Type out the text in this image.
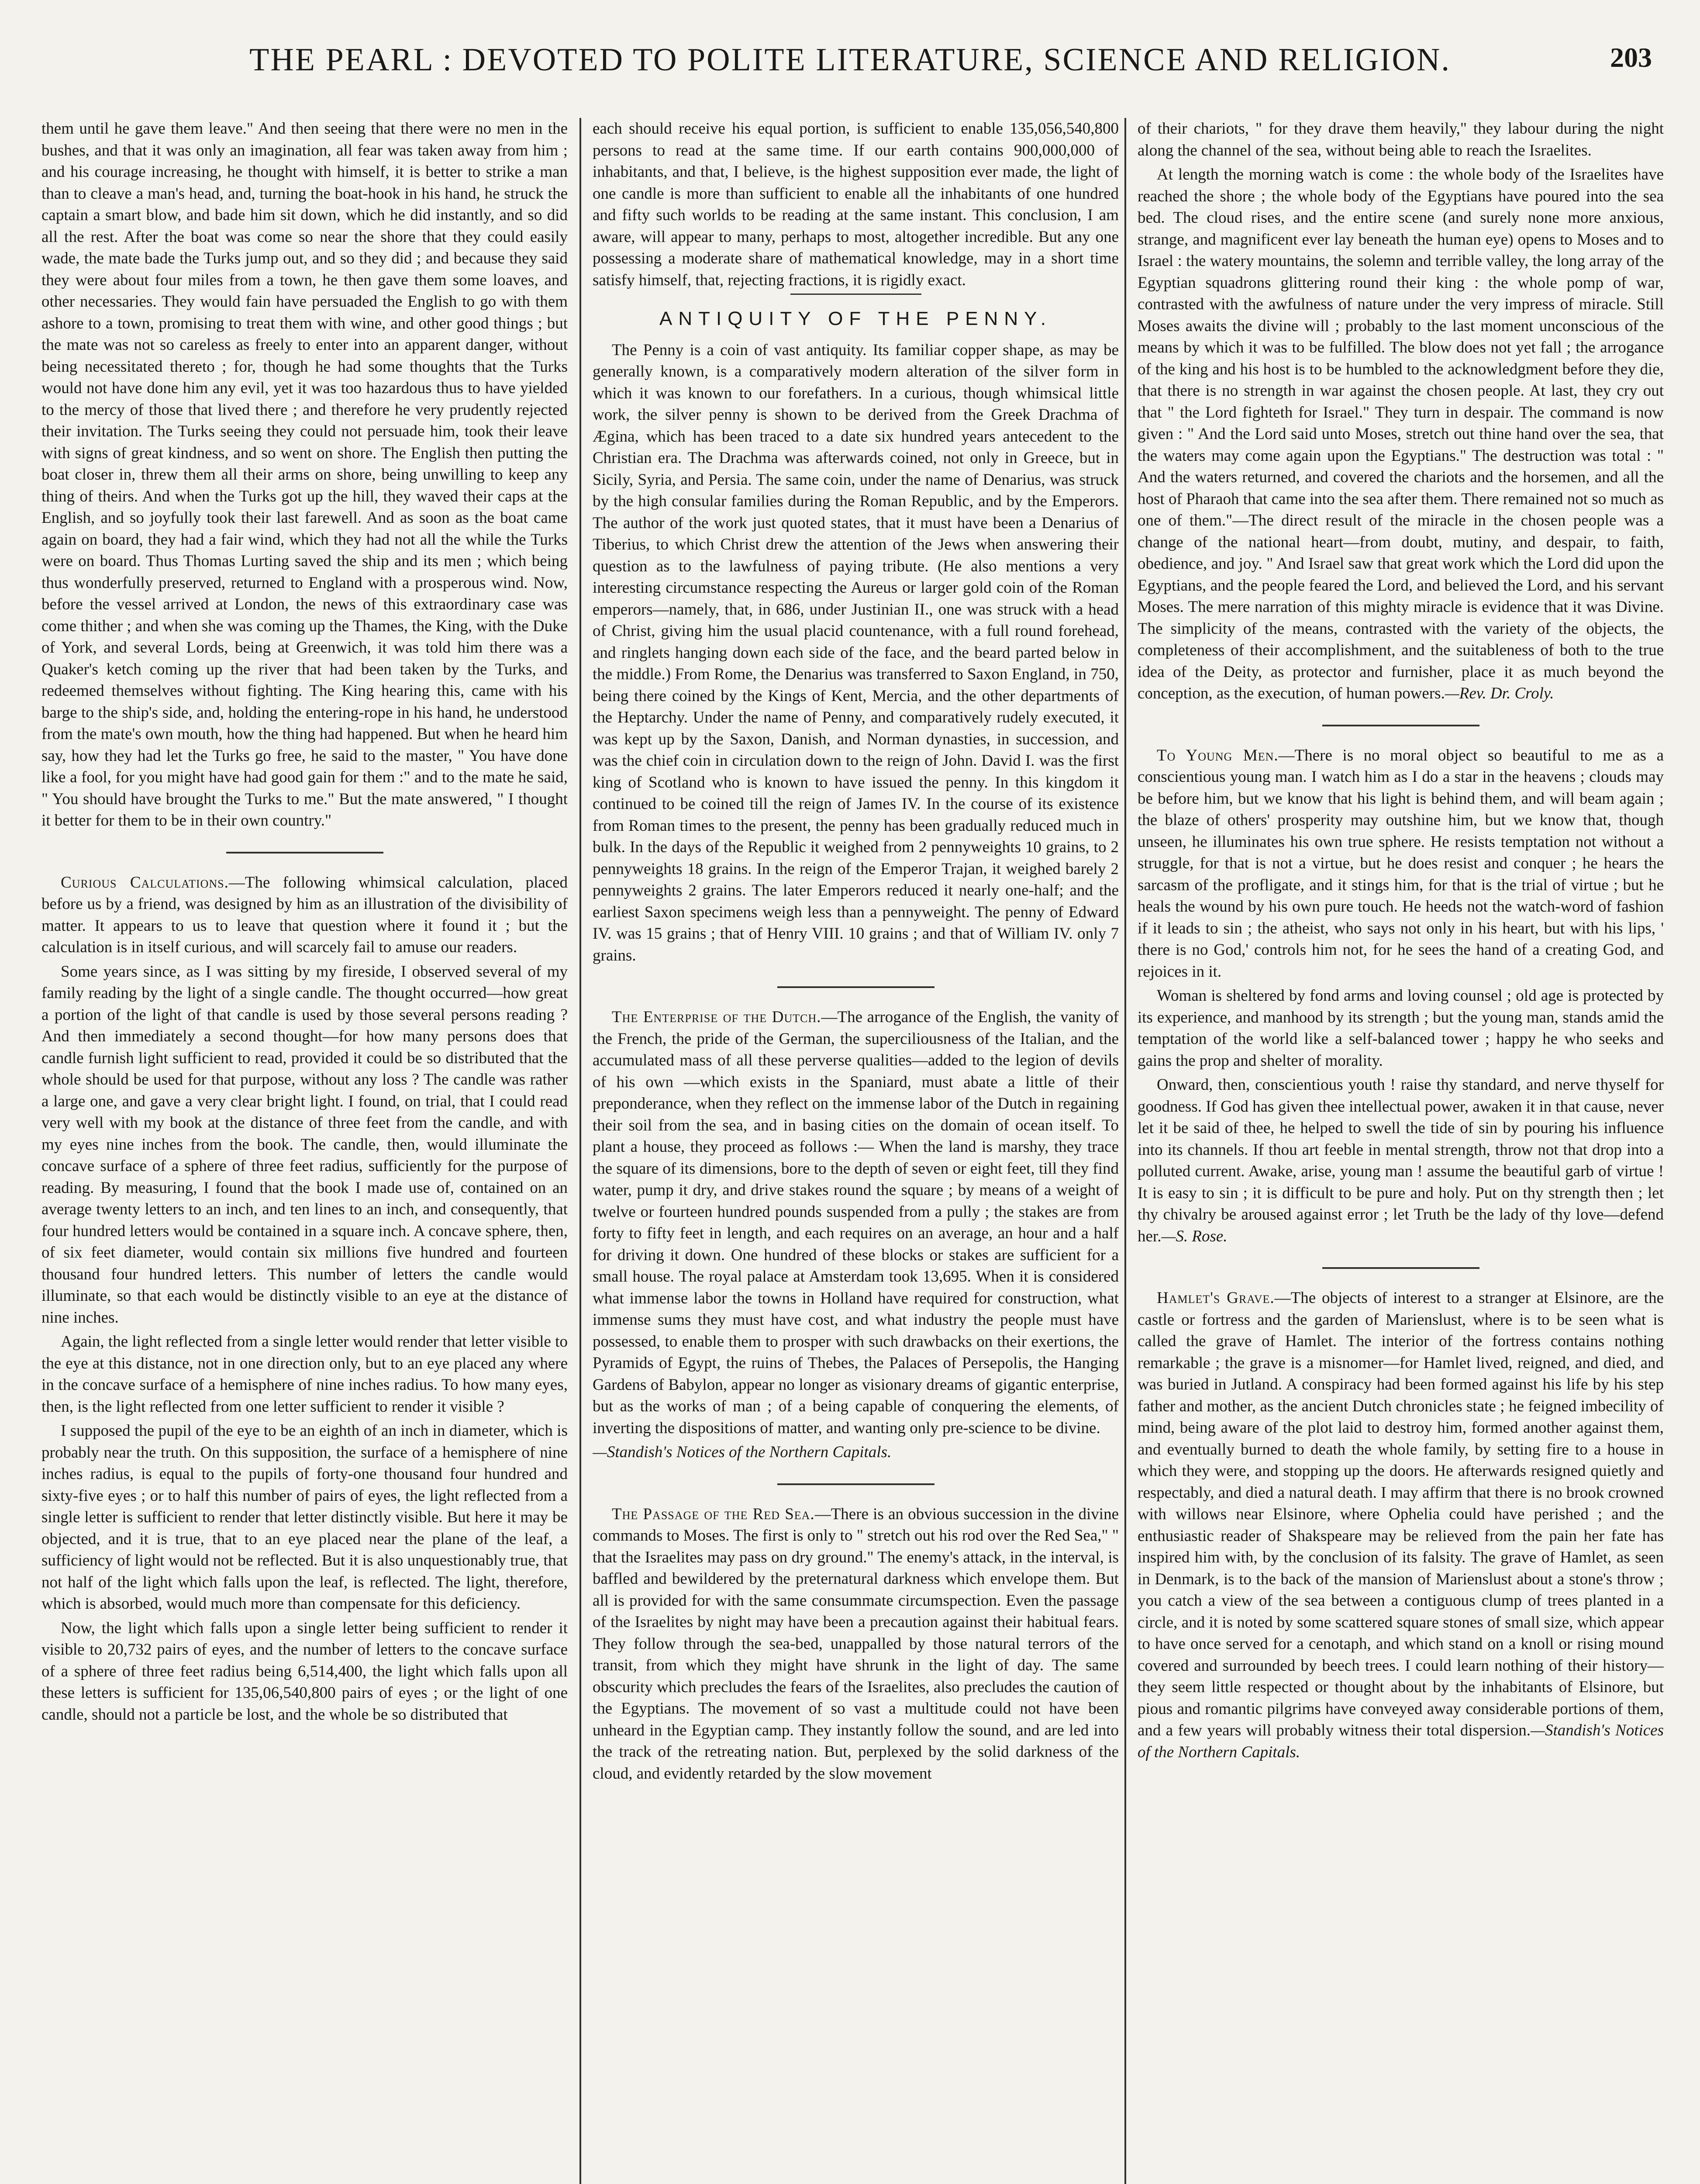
THE PEARL : DEVOTED TO POLITE LITERATURE, SCIENCE AND RELIGION.	203

them until he gave them leave." And then seeing that there were no men in the bushes, and that it was only an imagination, all fear was taken away from him ; and his courage increasing, he thought with himself, it is better to strike a man than to cleave a man's head, and, turning the boat-hook in his hand, he struck the captain a smart blow, and bade him sit down, which he did instantly, and so did all the rest. After the boat was come so near the shore that they could easily wade, the mate bade the Turks jump out, and so they did ; and because they said they were about four miles from a town, he then gave them some loaves, and other necessaries. They would fain have persuaded the English to go with them ashore to a town, promising to treat them with wine, and other good things ; but the mate was not so careless as freely to enter into an apparent danger, without being necessitated thereto ; for, though he had some thoughts that the Turks would not have done him any evil, yet it was too hazardous thus to have yielded to the mercy of those that lived there ; and therefore he very prudently rejected their invitation. The Turks seeing they could not persuade him, took their leave with signs of great kindness, and so went on shore. The English then putting the boat closer in, threw them all their arms on shore, being unwilling to keep any thing of theirs. And when the Turks got up the hill, they waved their caps at the English, and so joyfully took their last farewell. And as soon as the boat came again on board, they had a fair wind, which they had not all the while the Turks were on board. Thus Thomas Lurting saved the ship and its men ; which being thus wonderfully preserved, returned to England with a prosperous wind. Now, before the vessel arrived at London, the news of this extraordinary case was come thither ; and when she was coming up the Thames, the King, with the Duke of York, and several Lords, being at Greenwich, it was told him there was a Quaker's ketch coming up the river that had been taken by the Turks, and redeemed themselves without fighting. The King hearing this, came with his barge to the ship's side, and, holding the entering-rope in his hand, he understood from the mate's own mouth, how the thing had happened. But when he heard him say, how they had let the Turks go free, he said to the master, " You have done like a fool, for you might have had good gain for them :" and to the mate he said, " You should have brought the Turks to me." But the mate answered, " I thought it better for them to be in their own country."

Curious Calculations.—The following whimsical calculation, placed before us by a friend, was designed by him as an illustration of the divisibility of matter. It appears to us to leave that question where it found it ; but the calculation is in itself curious, and will scarcely fail to amuse our readers.

Some years since, as I was sitting by my fireside, I observed several of my family reading by the light of a single candle. The thought occurred—how great a portion of the light of that candle is used by those several persons reading ? And then immediately a second thought—for how many persons does that candle furnish light sufficient to read, provided it could be so distributed that the whole should be used for that purpose, without any loss ? The candle was rather a large one, and gave a very clear bright light. I found, on trial, that I could read very well with my book at the distance of three feet from the candle, and with my eyes nine inches from the book. The candle, then, would illuminate the concave surface of a sphere of three feet radius, sufficiently for the purpose of reading. By measuring, I found that the book I made use of, contained on an average twenty letters to an inch, and ten lines to an inch, and consequently, that four hundred letters would be contained in a square inch. A concave sphere, then, of six feet diameter, would contain six millions five hundred and fourteen thousand four hundred letters. This number of letters the candle would illuminate, so that each would be distinctly visible to an eye at the distance of nine inches.

Again, the light reflected from a single letter would render that letter visible to the eye at this distance, not in one direction only, but to an eye placed any where in the concave surface of a hemisphere of nine inches radius. To how many eyes, then, is the light reflected from one letter sufficient to render it visible ?

I supposed the pupil of the eye to be an eighth of an inch in diameter, which is probably near the truth. On this supposition, the surface of a hemisphere of nine inches radius, is equal to the pupils of forty-one thousand four hundred and sixty-five eyes ; or to half this number of pairs of eyes, the light reflected from a single letter is sufficient to render that letter distinctly visible. But here it may be objected, and it is true, that to an eye placed near the plane of the leaf, a sufficiency of light would not be reflected. But it is also unquestionably true, that not half of the light which falls upon the leaf, is reflected. The light, therefore, which is absorbed, would much more than compensate for this deficiency.

Now, the light which falls upon a single letter being sufficient to render it visible to 20,732 pairs of eyes, and the number of letters to the concave surface of a sphere of three feet radius being 6,514,400, the light which falls upon all these letters is sufficient for 135,06,540,800 pairs of eyes ; or the light of one candle, should not a particle be lost, and the whole be so distributed that

each should receive his equal portion, is sufficient to enable 135,056,540,800 persons to read at the same time. If our earth contains 900,000,000 of inhabitants, and that, I believe, is the highest supposition ever made, the light of one candle is more than sufficient to enable all the inhabitants of one hundred and fifty such worlds to be reading at the same instant. This conclusion, I am aware, will appear to many, perhaps to most, altogether incredible. But any one possessing a moderate share of mathematical knowledge, may in a short time satisfy himself, that, rejecting fractions, it is rigidly exact.

ANTIQUITY OF THE PENNY.

The Penny is a coin of vast antiquity. Its familiar copper shape, as may be generally known, is a comparatively modern alteration of the silver form in which it was known to our forefathers. In a curious, though whimsical little work, the silver penny is shown to be derived from the Greek Drachma of Ægina, which has been traced to a date six hundred years antecedent to the Christian era. The Drachma was afterwards coined, not only in Greece, but in Sicily, Syria, and Persia. The same coin, under the name of Denarius, was struck by the high consular families during the Roman Republic, and by the Emperors. The author of the work just quoted states, that it must have been a Denarius of Tiberius, to which Christ drew the attention of the Jews when answering their question as to the lawfulness of paying tribute. (He also mentions a very interesting circumstance respecting the Aureus or larger gold coin of the Roman emperors—namely, that, in 686, under Justinian II., one was struck with a head of Christ, giving him the usual placid countenance, with a full round forehead, and ringlets hanging down each side of the face, and the beard parted below in the middle.) From Rome, the Denarius was transferred to Saxon England, in 750, being there coined by the Kings of Kent, Mercia, and the other departments of the Heptarchy. Under the name of Penny, and comparatively rudely executed, it was kept up by the Saxon, Danish, and Norman dynasties, in succession, and was the chief coin in circulation down to the reign of John. David I. was the first king of Scotland who is known to have issued the penny. In this kingdom it continued to be coined till the reign of James IV. In the course of its existence from Roman times to the present, the penny has been gradually reduced much in bulk. In the days of the Republic it weighed from 2 pennyweights 10 grains, to 2 pennyweights 18 grains. In the reign of the Emperor Trajan, it weighed barely 2 pennyweights 2 grains. The later Emperors reduced it nearly one-half; and the earliest Saxon specimens weigh less than a pennyweight. The penny of Edward IV. was 15 grains ; that of Henry VIII. 10 grains ; and that of William IV. only 7 grains.

The Enterprise of the Dutch.—The arrogance of the English, the vanity of the French, the pride of the German, the superciliousness of the Italian, and the accumulated mass of all these perverse qualities—added to the legion of devils of his own —which exists in the Spaniard, must abate a little of their preponderance, when they reflect on the immense labor of the Dutch in regaining their soil from the sea, and in basing cities on the domain of ocean itself. To plant a house, they proceed as follows :— When the land is marshy, they trace the square of its dimensions, bore to the depth of seven or eight feet, till they find water, pump it dry, and drive stakes round the square ; by means of a weight of twelve or fourteen hundred pounds suspended from a pully ; the stakes are from forty to fifty feet in length, and each requires on an average, an hour and a half for driving it down. One hundred of these blocks or stakes are sufficient for a small house. The royal palace at Amsterdam took 13,695. When it is considered what immense labor the towns in Holland have required for construction, what immense sums they must have cost, and what industry the people must have possessed, to enable them to prosper with such drawbacks on their exertions, the Pyramids of Egypt, the ruins of Thebes, the Palaces of Persepolis, the Hanging Gardens of Babylon, appear no longer as visionary dreams of gigantic enterprise, but as the works of man ; of a being capable of conquering the elements, of inverting the dispositions of matter, and wanting only pre-science to be divine.

—Standish's Notices of the Northern Capitals.

The Passage of the Red Sea.—There is an obvious succession in the divine commands to Moses. The first is only to " stretch out his rod over the Red Sea," " that the Israelites may pass on dry ground." The enemy's attack, in the interval, is baffled and bewildered by the preternatural darkness which envelope them. But all is provided for with the same consummate circumspection. Even the passage of the Israelites by night may have been a precaution against their habitual fears. They follow through the sea-bed, unappalled by those natural terrors of the transit, from which they might have shrunk in the light of day. The same obscurity which precludes the fears of the Israelites, also precludes the caution of the Egyptians. The movement of so vast a multitude could not have been unheard in the Egyptian camp. They instantly follow the sound, and are led into the track of the retreating nation. But, perplexed by the solid darkness of the cloud, and evidently retarded by the slow movement

of their chariots, " for they drave them heavily," they labour during the night along the channel of the sea, without being able to reach the Israelites.

At length the morning watch is come : the whole body of the Israelites have reached the shore ; the whole body of the Egyptians have poured into the sea bed. The cloud rises, and the entire scene (and surely none more anxious, strange, and magnificent ever lay beneath the human eye) opens to Moses and to Israel : the watery mountains, the solemn and terrible valley, the long array of the Egyptian squadrons glittering round their king : the whole pomp of war, contrasted with the awfulness of nature under the very impress of miracle. Still Moses awaits the divine will ; probably to the last moment unconscious of the means by which it was to be fulfilled. The blow does not yet fall ; the arrogance of the king and his host is to be humbled to the acknowledgment before they die, that there is no strength in war against the chosen people. At last, they cry out that " the Lord fighteth for Israel." They turn in despair. The command is now given : " And the Lord said unto Moses, stretch out thine hand over the sea, that the waters may come again upon the Egyptians." The destruction was total : " And the waters returned, and covered the chariots and the horsemen, and all the host of Pharaoh that came into the sea after them. There remained not so much as one of them."—The direct result of the miracle in the chosen people was a change of the national heart—from doubt, mutiny, and despair, to faith, obedience, and joy. " And Israel saw that great work which the Lord did upon the Egyptians, and the people feared the Lord, and believed the Lord, and his servant Moses. The mere narration of this mighty miracle is evidence that it was Divine. The simplicity of the means, contrasted with the variety of the objects, the completeness of their accomplishment, and the suitableness of both to the true idea of the Deity, as protector and furnisher, place it as much beyond the conception, as the execution, of human powers.—Rev. Dr. Croly.

To Young Men.—There is no moral object so beautiful to me as a conscientious young man. I watch him as I do a star in the heavens ; clouds may be before him, but we know that his light is behind them, and will beam again ; the blaze of others' prosperity may outshine him, but we know that, though unseen, he illuminates his own true sphere. He resists temptation not without a struggle, for that is not a virtue, but he does resist and conquer ; he hears the sarcasm of the profligate, and it stings him, for that is the trial of virtue ; but he heals the wound by his own pure touch. He heeds not the watch-word of fashion if it leads to sin ; the atheist, who says not only in his heart, but with his lips, ' there is no God,' controls him not, for he sees the hand of a creating God, and rejoices in it.

Woman is sheltered by fond arms and loving counsel ; old age is protected by its experience, and manhood by its strength ; but the young man, stands amid the temptation of the world like a self-balanced tower ; happy he who seeks and gains the prop and shelter of morality.

Onward, then, conscientious youth ! raise thy standard, and nerve thyself for goodness. If God has given thee intellectual power, awaken it in that cause, never let it be said of thee, he helped to swell the tide of sin by pouring his influence into its channels. If thou art feeble in mental strength, throw not that drop into a polluted current. Awake, arise, young man ! assume the beautiful garb of virtue ! It is easy to sin ; it is difficult to be pure and holy. Put on thy strength then ; let thy chivalry be aroused against error ; let Truth be the lady of thy love—defend her.—S. Rose.

Hamlet's Grave.—The objects of interest to a stranger at Elsinore, are the castle or fortress and the garden of Marienslust, where is to be seen what is called the grave of Hamlet. The interior of the fortress contains nothing remarkable ; the grave is a misnomer—for Hamlet lived, reigned, and died, and was buried in Jutland. A conspiracy had been formed against his life by his step father and mother, as the ancient Dutch chronicles state ; he feigned imbecility of mind, being aware of the plot laid to destroy him, formed another against them, and eventually burned to death the whole family, by setting fire to a house in which they were, and stopping up the doors. He afterwards resigned quietly and respectably, and died a natural death. I may affirm that there is no brook crowned with willows near Elsinore, where Ophelia could have perished ; and the enthusiastic reader of Shakspeare may be relieved from the pain her fate has inspired him with, by the conclusion of its falsity. The grave of Hamlet, as seen in Denmark, is to the back of the mansion of Marienslust about a stone's throw ; you catch a view of the sea between a contiguous clump of trees planted in a circle, and it is noted by some scattered square stones of small size, which appear to have once served for a cenotaph, and which stand on a knoll or rising mound covered and surrounded by beech trees. I could learn nothing of their history— they seem little respected or thought about by the inhabitants of Elsinore, but pious and romantic pilgrims have conveyed away considerable portions of them, and a few years will probably witness their total dispersion.—Standish's Notices of the Northern Capitals.
